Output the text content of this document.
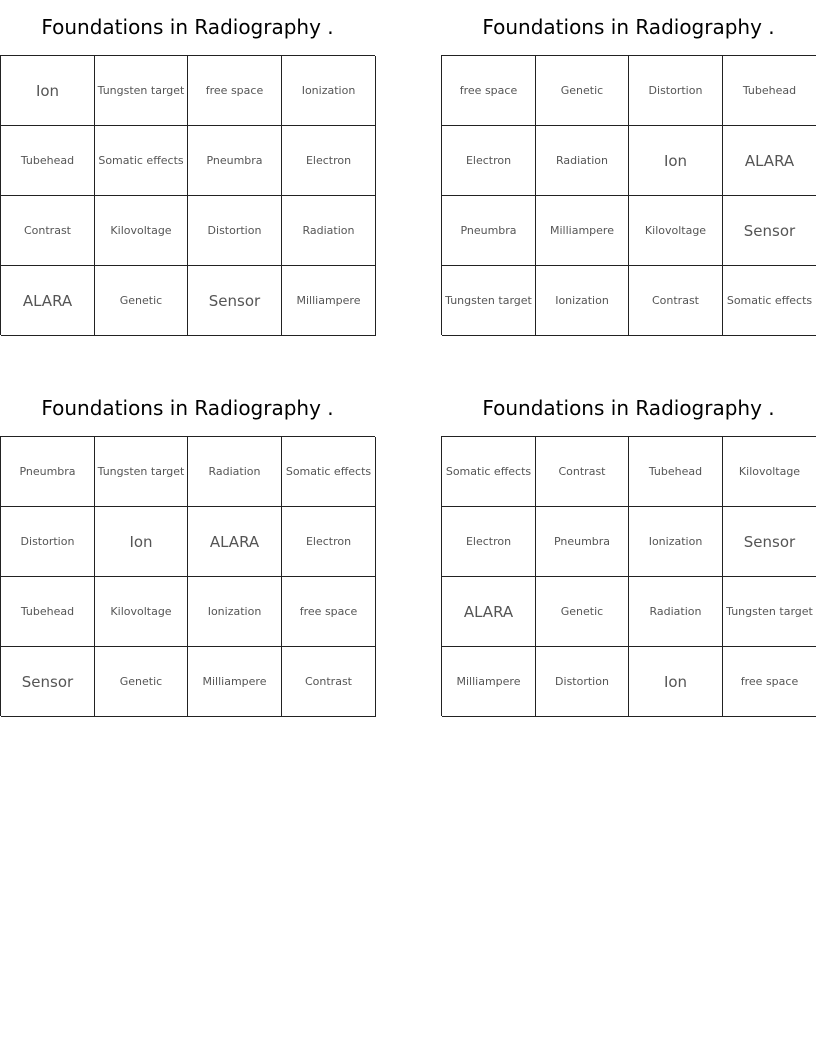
Foundations in Radiography .
Ion	Tungsten target	free space	Ionization
Tubehead	Somatic effects	Pneumbra	Electron
Contrast	Kilovoltage	Distortion	Radiation
ALARA	Genetic	Sensor	Milliampere
Foundations in Radiography .
free space	Genetic	Distortion	Tubehead
Electron	Radiation	Ion	ALARA
Pneumbra	Milliampere	Kilovoltage	Sensor
Tungsten target	Ionization	Contrast	Somatic effects
Foundations in Radiography .
Pneumbra	Tungsten target	Radiation	Somatic effects
Distortion	Ion	ALARA	Electron
Tubehead	Kilovoltage	Ionization	free space
Sensor	Genetic	Milliampere	Contrast
Foundations in Radiography .
Somatic effects	Contrast	Tubehead	Kilovoltage
Electron	Pneumbra	Ionization	Sensor
ALARA	Genetic	Radiation	Tungsten target
Milliampere	Distortion	Ion	free space
